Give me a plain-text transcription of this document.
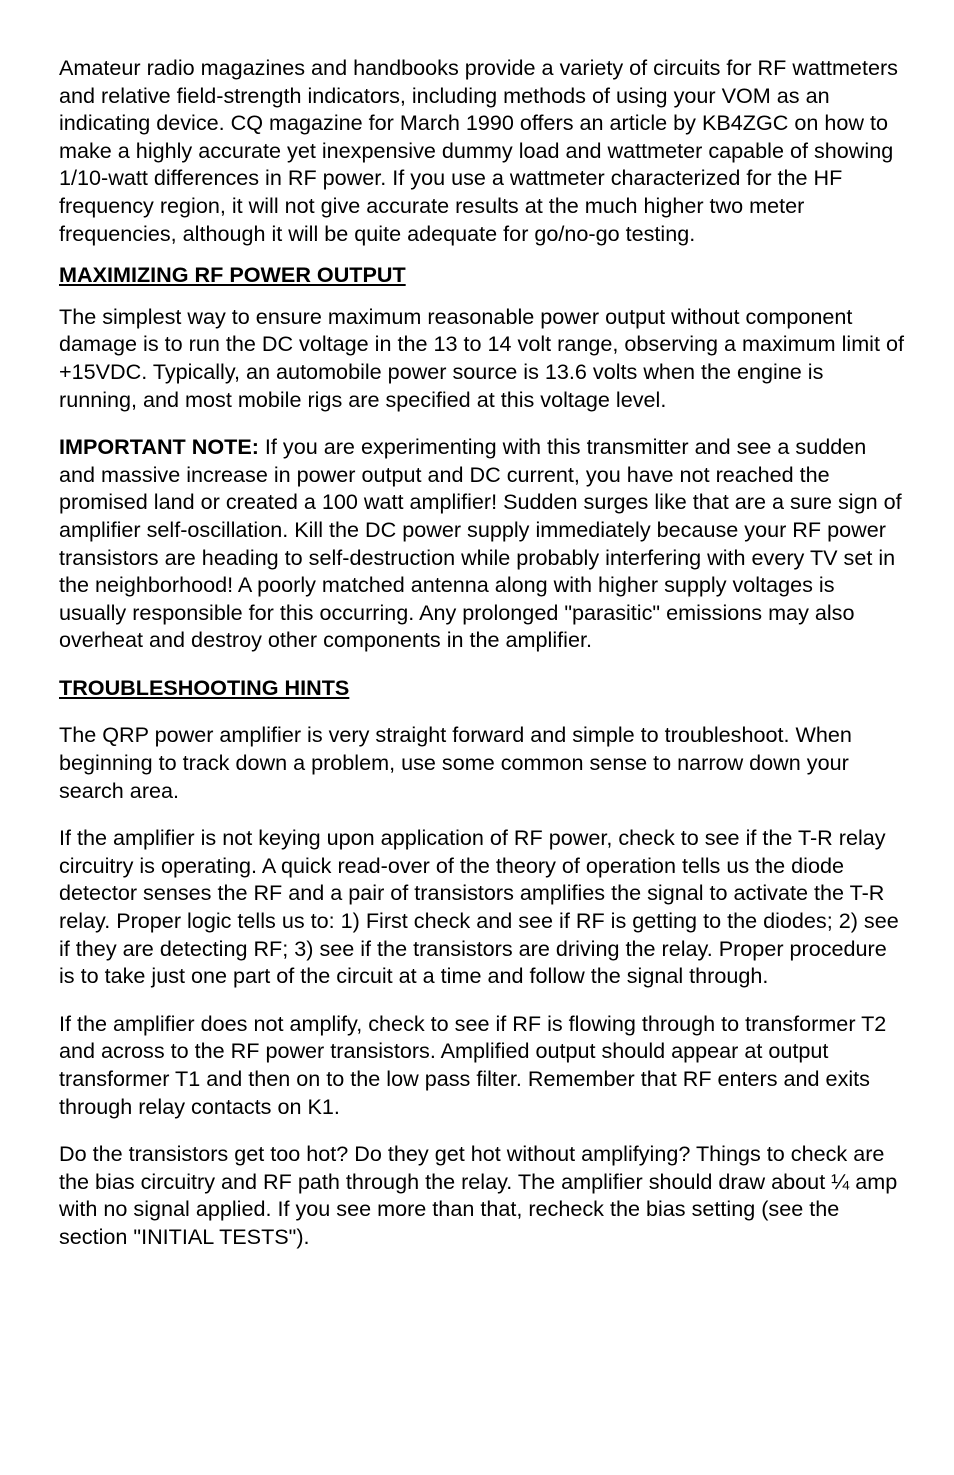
Amateur radio magazines and handbooks provide a variety of circuits for RF wattmeters and relative field-strength indicators, including methods of using your VOM as an indicating device. CQ magazine for March 1990 offers an article by KB4ZGC on how to make a highly accurate yet inexpensive dummy load and wattmeter capable of showing 1/10-watt differences in RF power. If you use a wattmeter characterized for the HF frequency region, it will not give accurate results at the much higher two meter frequencies, although it will be quite adequate for go/no-go testing.

MAXIMIZING RF POWER OUTPUT

The simplest way to ensure maximum reasonable power output without component damage is to run the DC voltage in the 13 to 14 volt range, observing a maximum limit of +15VDC. Typically, an automobile power source is 13.6 volts when the engine is running, and most mobile rigs are specified at this voltage level.

IMPORTANT NOTE: If you are experimenting with this transmitter and see a sudden and massive increase in power output and DC current, you have not reached the promised land or created a 100 watt amplifier! Sudden surges like that are a sure sign of amplifier self-oscillation. Kill the DC power supply immediately because your RF power transistors are heading to self-destruction while probably interfering with every TV set in the neighborhood! A poorly matched antenna along with higher supply voltages is usually responsible for this occurring. Any prolonged "parasitic" emissions may also overheat and destroy other components in the amplifier.

TROUBLESHOOTING HINTS

The QRP power amplifier is very straight forward and simple to troubleshoot. When beginning to track down a problem, use some common sense to narrow down your search area.

If the amplifier is not keying upon application of RF power, check to see if the T-R relay circuitry is operating. A quick read-over of the theory of operation tells us the diode detector senses the RF and a pair of transistors amplifies the signal to activate the T-R relay. Proper logic tells us to: 1) First check and see if RF is getting to the diodes; 2) see if they are detecting RF; 3) see if the transistors are driving the relay. Proper procedure is to take just one part of the circuit at a time and follow the signal through.

If the amplifier does not amplify, check to see if RF is flowing through to transformer T2 and across to the RF power transistors. Amplified output should appear at output transformer T1 and then on to the low pass filter. Remember that RF enters and exits through relay contacts on K1.

Do the transistors get too hot? Do they get hot without amplifying? Things to check are the bias circuitry and RF path through the relay. The amplifier should draw about ¼ amp with no signal applied. If you see more than that, recheck the bias setting (see the section "INITIAL TESTS").
